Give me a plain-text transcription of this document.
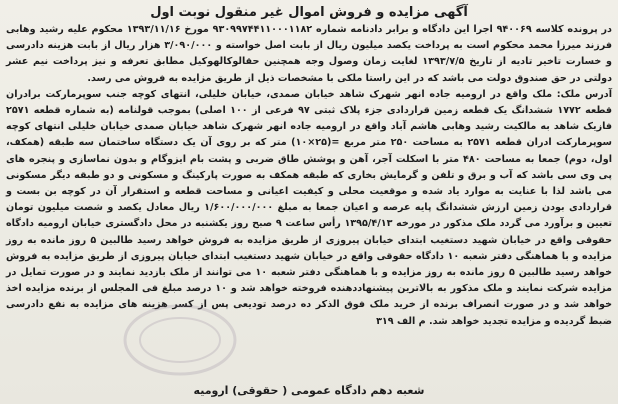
آگهی مزایده و فروش اموال غیر منقول نوبت اول

در پرونده کلاسه ۹۴۰۰۶۹ اجرا این دادگاه و برابر دادنامه شماره ۹۳۰۹۹۷۴۴۱۱۰۰۰۱۱۸۲ مورخ ۱۳۹۳/۱۱/۱۶ محکوم علیه رشید وهابی فرزند میرزا محمد محکوم است به پرداخت یکصد میلیون ریال از بابت اصل خواسته و ۳/۰۹۰/۰۰۰ هزار ریال از بابت هزینه دادرسی و خسارت تاخیر تادیه از تاریخ ۱۳۹۳/۷/۵ لغایت زمان وصول وجه همچنین حقالوکالهوکیل مطابق تعرفه و نیز پرداخت نیم عشر دولتی در حق صندوق دولت می باشد که در این راستا ملکی با مشخصات ذیل از طریق مزایده به فروش می رسد.

آدرس ملک: ملک واقع در ارومیه جاده انهر شهرک شاهد خیابان صمدی، خیابان خلیلی، انتهای کوچه جنب سوپرمارکت برادران قطعه ۱۷۷۲ ششدانگ یک قطعه زمین قراردادی جزء پلاک ثبتی ۹۷ فرعی از ۱۰۰ اصلی) بموجب قولنامه (به شماره قطعه ۲۵۷۱ فازیک شاهد به مالکیت رشید وهابی هاشم آباد واقع در ارومیه جاده انهر شهرک شاهد خیابان صمدی خیابان خلیلی انتهای کوچه سوپرمارکت ادران قطعه ۲۵۷۱ به مساحت ۲۵۰ متر مربع =(۲۵×۱۰) متر که بر روی آن یک دستگاه ساختمان سه طبقه (همکف، اول، دوم) جمعا به مساحت ۴۸۰ متر با اسکلت آجر، آهن و پوشش طاق ضربی و پشت بام ایزوگام و بدون نماسازی و پنجره های پی وی سی باشد که آب و برق و تلفن و گرمایش بخاری که طبقه همکف به صورت پارکینگ و مسکونی و دو طبقه دیگر مسکونی می باشد لذا با عنایت به موارد یاد شده و موقعیت محلی و کیفیت اعیانی و مساحت قطعه و استقرار آن در کوچه بن بست و قراردادی بودن زمین ارزش ششدانگ پایه عرصه و اعیان جمعا به مبلغ ۱/۶۰۰/۰۰۰/۰۰۰ ریال معادل یکصد و شصت میلیون تومان تعیین و برآورد می گردد ملک مذکور در مورخه ۱۳۹۵/۴/۱۳ رأس ساعت ۹ صبح روز یکشنبه در محل دادگستری خیابان ارومیه دادگاه حقوقی واقع در خیابان شهید دستغیب ابتدای خیابان پیروزی از طریق مزایده به فروش خواهد رسید طالبین ۵ روز مانده به روز مزایده و با هماهنگی دفتر شعبه ۱۰ دادگاه حقوقی واقع در خیابان شهید دستغیب ابتدای خیابان پیروزی از طریق مزایده به فروش خواهد رسید طالبین ۵ روز مانده به روز مزایده و با هماهنگی دفتر شعبه ۱۰ می توانند از ملک بازدید نمایند و در صورت تمایل در مزایده شرکت نمایند و ملک مذکور به بالاترین پیشنهاددهنده فروخته خواهد شد و ۱۰ درصد مبلغ فی المجلس از برنده مزایده اخذ خواهد شد و در صورت انصراف برنده از خرید ملک فوق الذکر ده درصد تودیعی پس از کسر هزینه های مزایده به نفع دادرسی ضبط گردیده و مزایده تجدید خواهد شد. م الف ۳۱۹

شعبه دهم دادگاه عمومی ( حقوقی) ارومیه
